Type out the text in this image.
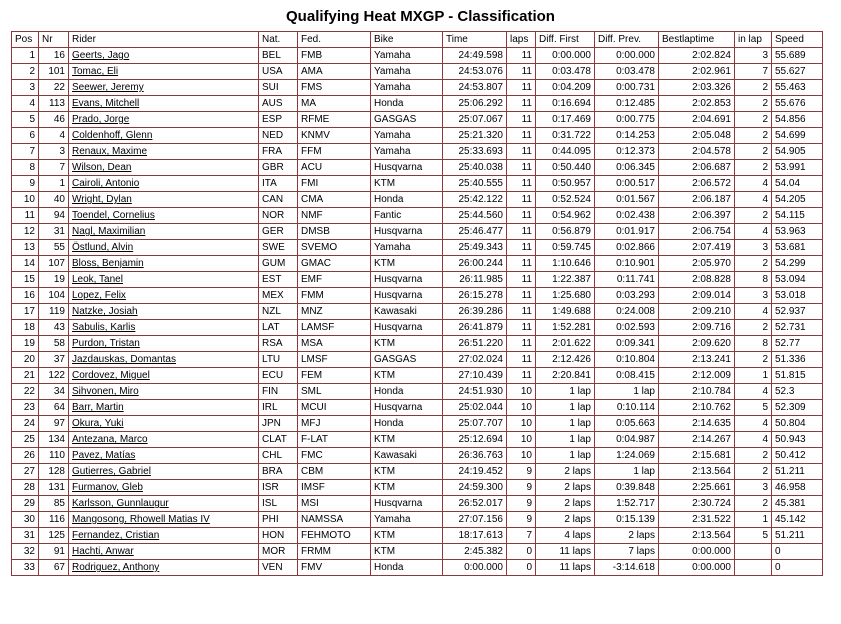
Qualifying Heat MXGP - Classification
Pos	Nr	Rider	Nat.	Fed.	Bike	Time	laps	Diff. First	Diff. Prev.	Bestlaptime	in lap	Speed
1	16	Geerts, Jago	BEL	FMB	Yamaha	24:49.598	11	0:00.000	0:00.000	2:02.824	3	55.689
2	101	Tomac, Eli	USA	AMA	Yamaha	24:53.076	11	0:03.478	0:03.478	2:02.961	7	55.627
3	22	Seewer, Jeremy	SUI	FMS	Yamaha	24:53.807	11	0:04.209	0:00.731	2:03.326	2	55.463
4	113	Evans, Mitchell	AUS	MA	Honda	25:06.292	11	0:16.694	0:12.485	2:02.853	2	55.676
5	46	Prado, Jorge	ESP	RFME	GASGAS	25:07.067	11	0:17.469	0:00.775	2:04.691	2	54.856
6	4	Coldenhoff, Glenn	NED	KNMV	Yamaha	25:21.320	11	0:31.722	0:14.253	2:05.048	2	54.699
7	3	Renaux, Maxime	FRA	FFM	Yamaha	25:33.693	11	0:44.095	0:12.373	2:04.578	2	54.905
8	7	Wilson, Dean	GBR	ACU	Husqvarna	25:40.038	11	0:50.440	0:06.345	2:06.687	2	53.991
9	1	Cairoli, Antonio	ITA	FMI	KTM	25:40.555	11	0:50.957	0:00.517	2:06.572	4	54.04
10	40	Wright, Dylan	CAN	CMA	Honda	25:42.122	11	0:52.524	0:01.567	2:06.187	4	54.205
11	94	Toendel, Cornelius	NOR	NMF	Fantic	25:44.560	11	0:54.962	0:02.438	2:06.397	2	54.115
12	31	Nagl, Maximilian	GER	DMSB	Husqvarna	25:46.477	11	0:56.879	0:01.917	2:06.754	4	53.963
13	55	Östlund, Alvin	SWE	SVEMO	Yamaha	25:49.343	11	0:59.745	0:02.866	2:07.419	3	53.681
14	107	Bloss, Benjamin	GUM	GMAC	KTM	26:00.244	11	1:10.646	0:10.901	2:05.970	2	54.299
15	19	Leok, Tanel	EST	EMF	Husqvarna	26:11.985	11	1:22.387	0:11.741	2:08.828	8	53.094
16	104	Lopez, Felix	MEX	FMM	Husqvarna	26:15.278	11	1:25.680	0:03.293	2:09.014	3	53.018
17	119	Natzke, Josiah	NZL	MNZ	Kawasaki	26:39.286	11	1:49.688	0:24.008	2:09.210	4	52.937
18	43	Sabulis, Karlis	LAT	LAMSF	Husqvarna	26:41.879	11	1:52.281	0:02.593	2:09.716	2	52.731
19	58	Purdon, Tristan	RSA	MSA	KTM	26:51.220	11	2:01.622	0:09.341	2:09.620	8	52.77
20	37	Jazdauskas, Domantas	LTU	LMSF	GASGAS	27:02.024	11	2:12.426	0:10.804	2:13.241	2	51.336
21	122	Cordovez, Miguel	ECU	FEM	KTM	27:10.439	11	2:20.841	0:08.415	2:12.009	1	51.815
22	34	Sihvonen, Miro	FIN	SML	Honda	24:51.930	10	1 lap	1 lap	2:10.784	4	52.3
23	64	Barr, Martin	IRL	MCUI	Husqvarna	25:02.044	10	1 lap	0:10.114	2:10.762	5	52.309
24	97	Okura, Yuki	JPN	MFJ	Honda	25:07.707	10	1 lap	0:05.663	2:14.635	4	50.804
25	134	Antezana, Marco	CLAT	F-LAT	KTM	25:12.694	10	1 lap	0:04.987	2:14.267	4	50.943
26	110	Pavez, Matías	CHL	FMC	Kawasaki	26:36.763	10	1 lap	1:24.069	2:15.681	2	50.412
27	128	Gutierres, Gabriel	BRA	CBM	KTM	24:19.452	9	2 laps	1 lap	2:13.564	2	51.211
28	131	Furmanov, Gleb	ISR	IMSF	KTM	24:59.300	9	2 laps	0:39.848	2:25.661	3	46.958
29	85	Karlsson, Gunnlaugur	ISL	MSI	Husqvarna	26:52.017	9	2 laps	1:52.717	2:30.724	2	45.381
30	116	Mangosong, Rhowell Matias IV	PHI	NAMSSA	Yamaha	27:07.156	9	2 laps	0:15.139	2:31.522	1	45.142
31	125	Fernandez, Cristian	HON	FEHMOTO	KTM	18:17.613	7	4 laps	2 laps	2:13.564	5	51.211
32	91	Hachti, Anwar	MOR	FRMM	KTM	2:45.382	0	11 laps	7 laps	0:00.000		0
33	67	Rodriguez, Anthony	VEN	FMV	Honda	0:00.000	0	11 laps	-3:14.618	0:00.000		0
